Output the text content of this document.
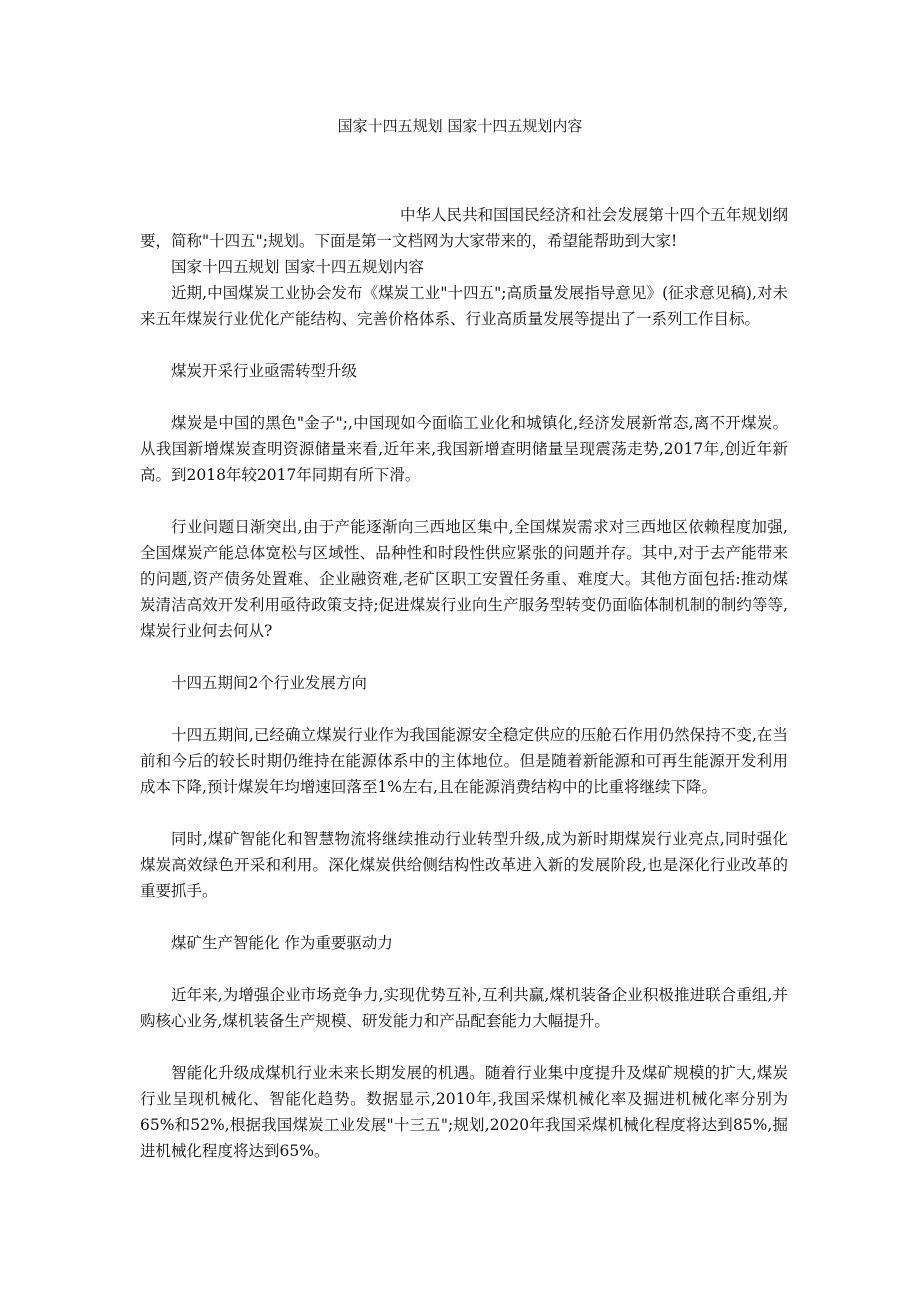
国家十四五规划 国家十四五规划内容

中华人民共和国国民经济和社会发展第十四个五年规划纲要，简称"十四五";规划。下面是第一文档网为大家带来的，希望能帮助到大家!

国家十四五规划 国家十四五规划内容

近期,中国煤炭工业协会发布《煤炭工业"十四五";高质量发展指导意见》(征求意见稿),对未来五年煤炭行业优化产能结构、完善价格体系、行业高质量发展等提出了一系列工作目标。

煤炭开采行业亟需转型升级

煤炭是中国的黑色"金子";,中国现如今面临工业化和城镇化,经济发展新常态,离不开煤炭。从我国新增煤炭查明资源储量来看,近年来,我国新增查明储量呈现震荡走势,2017年,创近年新高。到2018年较2017年同期有所下滑。

行业问题日渐突出,由于产能逐渐向三西地区集中,全国煤炭需求对三西地区依赖程度加强,全国煤炭产能总体宽松与区域性、品种性和时段性供应紧张的问题并存。其中,对于去产能带来的问题,资产债务处置难、企业融资难,老矿区职工安置任务重、难度大。其他方面包括:推动煤炭清洁高效开发利用亟待政策支持;促进煤炭行业向生产服务型转变仍面临体制机制的制约等等,煤炭行业何去何从?

十四五期间2个行业发展方向

十四五期间,已经确立煤炭行业作为我国能源安全稳定供应的压舱石作用仍然保持不变,在当前和今后的较长时期仍维持在能源体系中的主体地位。但是随着新能源和可再生能源开发利用成本下降,预计煤炭年均增速回落至1%左右,且在能源消费结构中的比重将继续下降。

同时,煤矿智能化和智慧物流将继续推动行业转型升级,成为新时期煤炭行业亮点,同时强化煤炭高效绿色开采和利用。深化煤炭供给侧结构性改革进入新的发展阶段,也是深化行业改革的重要抓手。

煤矿生产智能化 作为重要驱动力

近年来,为增强企业市场竞争力,实现优势互补,互利共赢,煤机装备企业积极推进联合重组,并购核心业务,煤机装备生产规模、研发能力和产品配套能力大幅提升。

智能化升级成煤机行业未来长期发展的机遇。随着行业集中度提升及煤矿规模的扩大,煤炭行业呈现机械化、智能化趋势。数据显示,2010年,我国采煤机械化率及掘进机械化率分别为65%和52%,根据我国煤炭工业发展"十三五";规划,2020年我国采煤机械化程度将达到85%,掘进机械化程度将达到65%。
